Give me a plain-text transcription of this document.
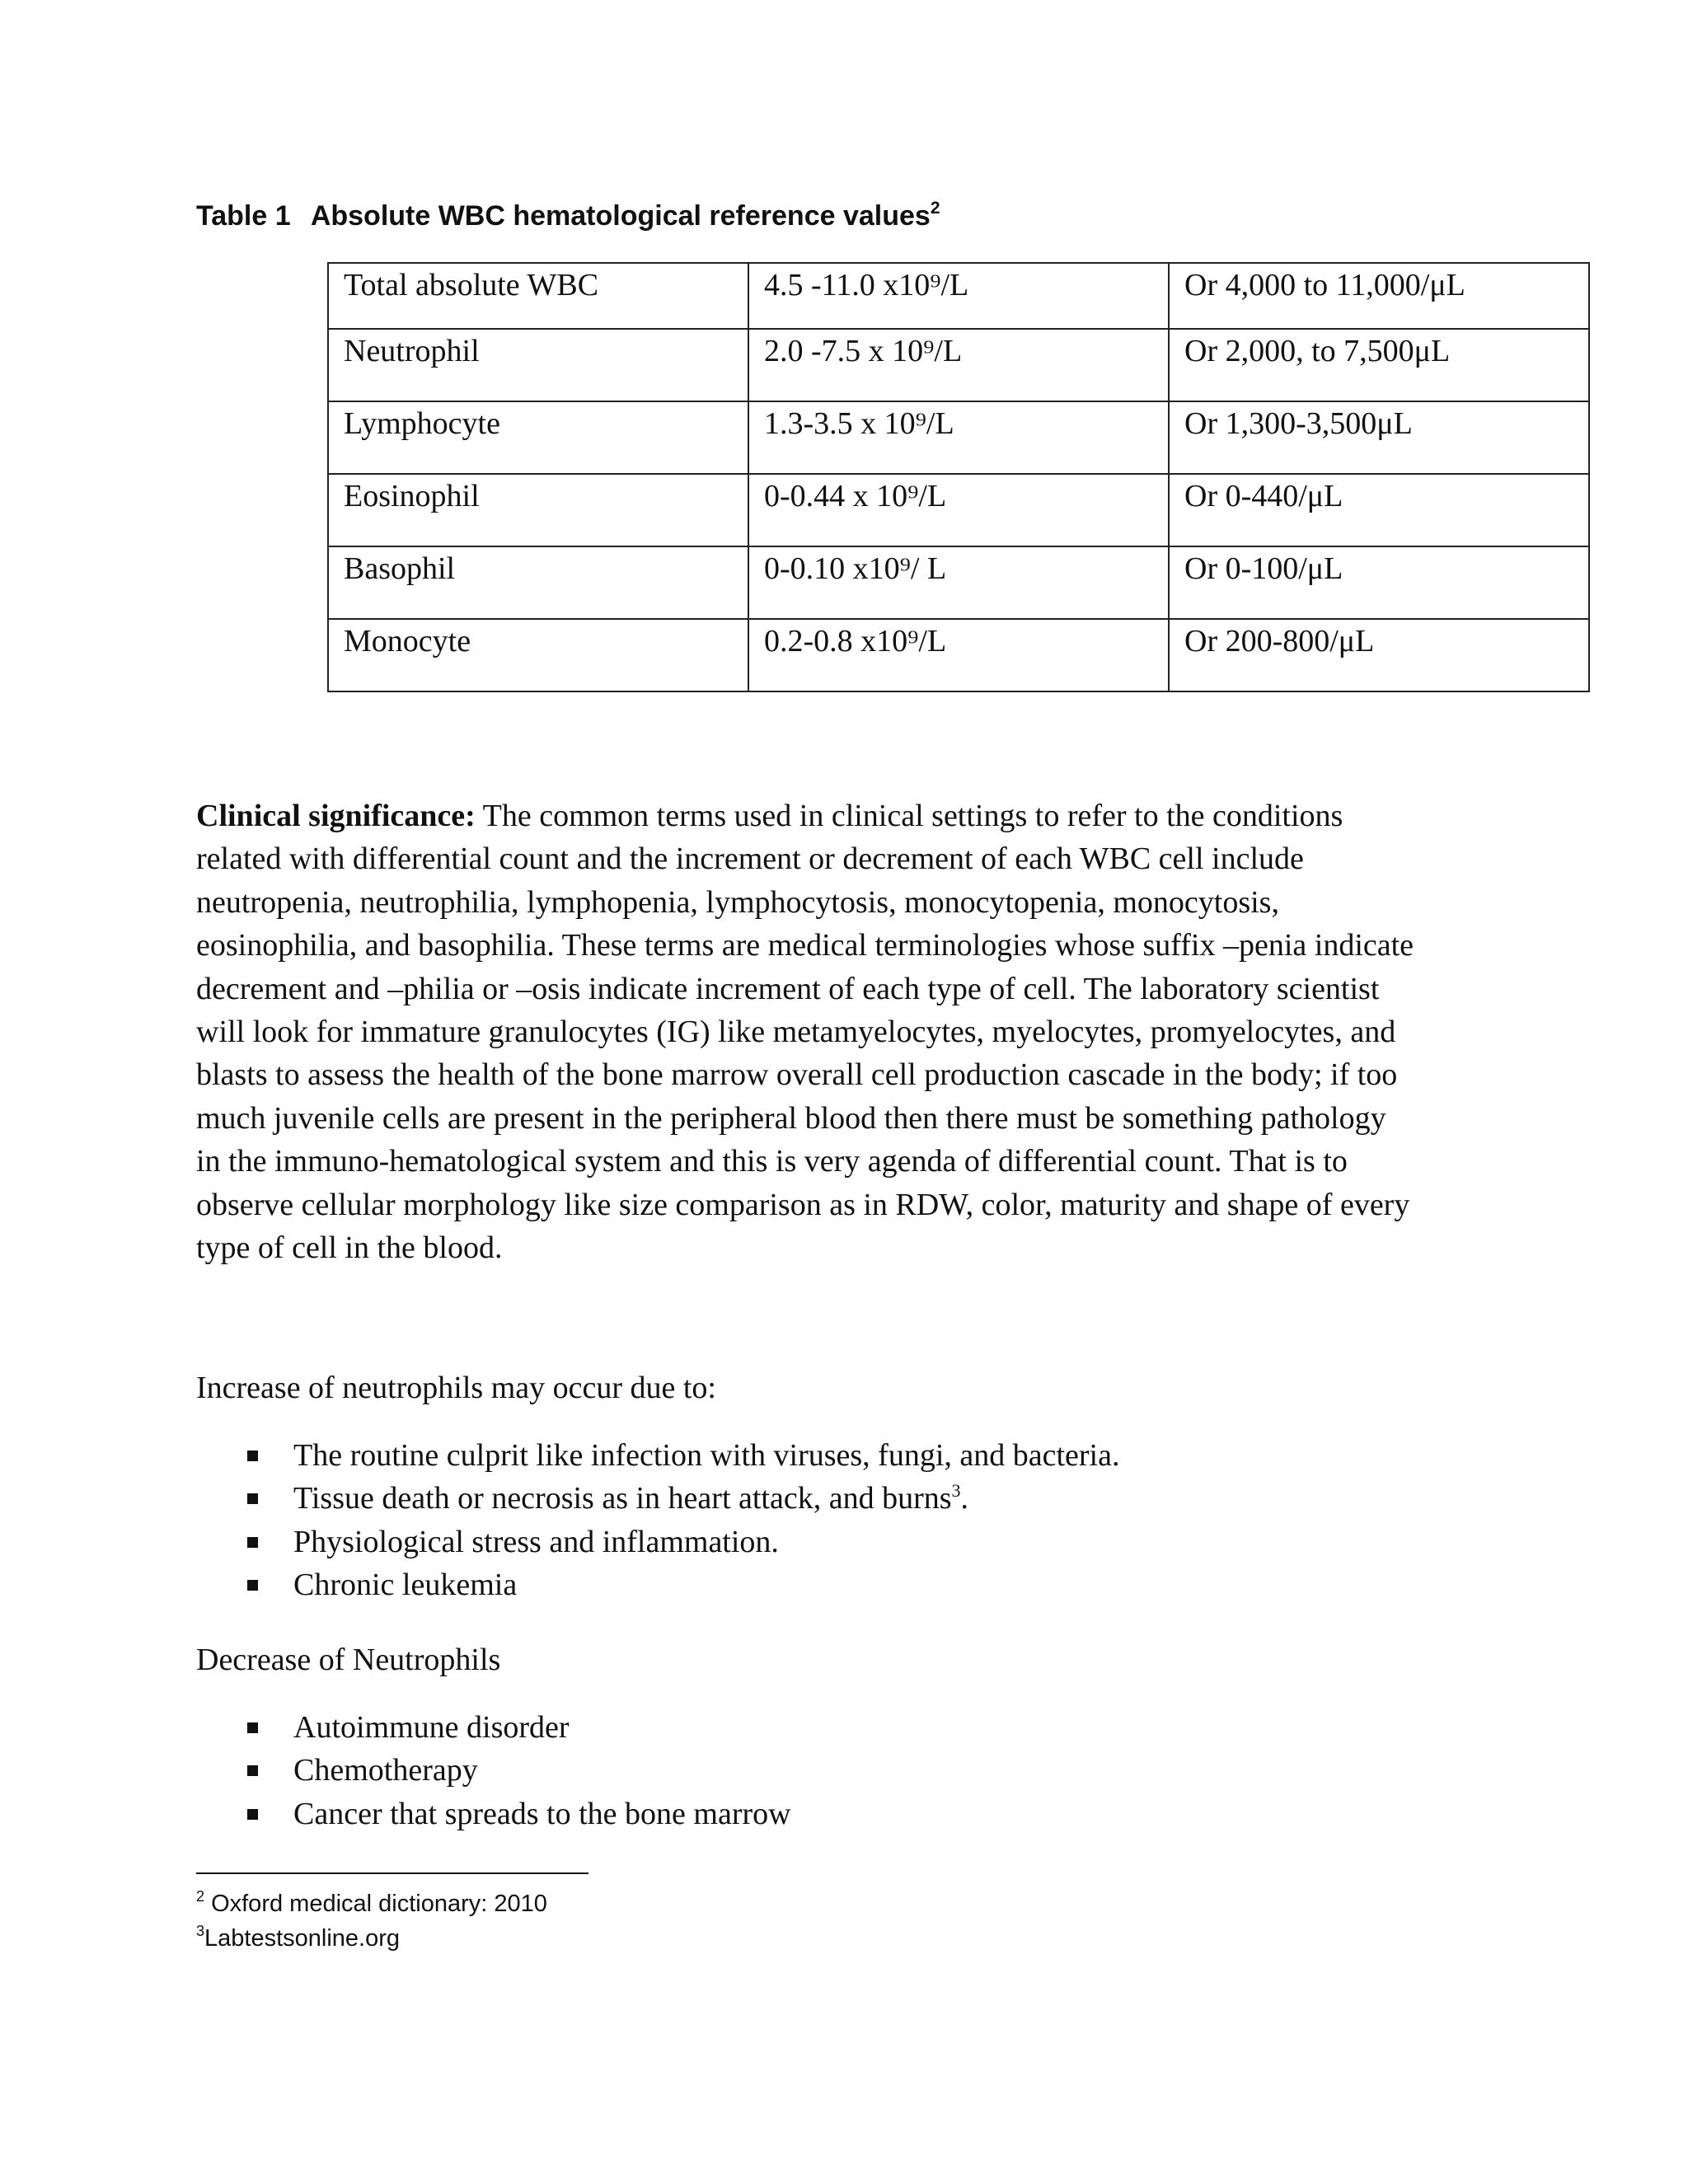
Table 1 Absolute WBC hematological reference values$^2$
Total absolute WBC	4.5 -11.0 x10⁹/L	Or 4,000 to 11,000/μL
Neutrophil	2.0 -7.5 x 10⁹/L	Or 2,000, to 7,500μL
Lymphocyte	1.3-3.5 x 10⁹/L	Or 1,300-3,500μL
Eosinophil	0-0.44 x 10⁹/L	Or 0-440/μL
Basophil	0-0.10 x10⁹/ L	Or 0-100/μL
Monocyte	0.2-0.8 x10⁹/L	Or 200-800/μL
Clinical significance: The common terms used in clinical settings to refer to the conditions
related with differential count and the increment or decrement of each WBC cell include
neutropenia, neutrophilia, lymphopenia, lymphocytosis, monocytopenia, monocytosis,
eosinophilia, and basophilia. These terms are medical terminologies whose suffix –penia indicate
decrement and –philia or –osis indicate increment of each type of cell. The laboratory scientist
will look for immature granulocytes (IG) like metamyelocytes, myelocytes, promyelocytes, and
blasts to assess the health of the bone marrow overall cell production cascade in the body; if too
much juvenile cells are present in the peripheral blood then there must be something pathology
in the immuno-hematological system and this is very agenda of differential count. That is to
observe cellular morphology like size comparison as in RDW, color, maturity and shape of every
type of cell in the blood.
Increase of neutrophils may occur due to:
The routine culprit like infection with viruses, fungi, and bacteria.
Tissue death or necrosis as in heart attack, and burns$^3$.
Physiological stress and inflammation.
Chronic leukemia
Decrease of Neutrophils
Autoimmune disorder
Chemotherapy
Cancer that spreads to the bone marrow
$^2$ Oxford medical dictionary: 2010
$^3$Labtestsonline.org
